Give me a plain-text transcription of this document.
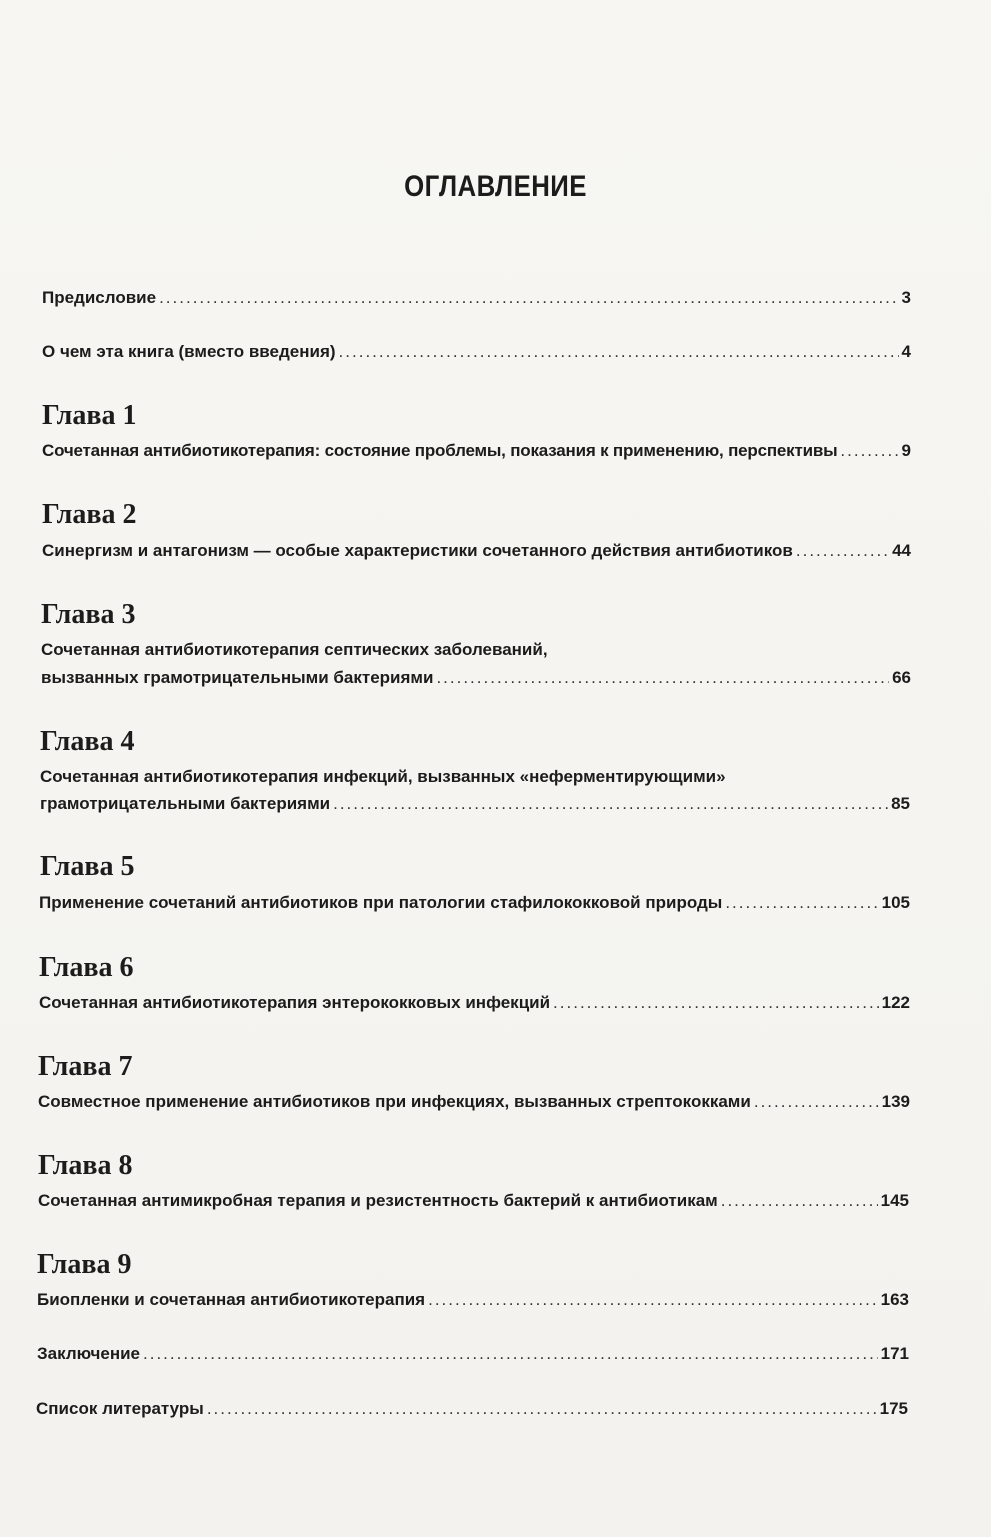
ОГЛАВЛЕНИЕ
Предисловие .....	3
О чем эта книга (вместо введения) .....	4
Глава 1
Сочетанная антибиотикотерапия: состояние проблемы, показания к применению, перспективы .....	9
Глава 2
Синергизм и антагонизм — особые характеристики сочетанного действия антибиотиков .....	44
Глава 3
Сочетанная антибиотикотерапия септических заболеваний,
вызванных грамотрицательными бактериями .....	66
Глава 4
Сочетанная антибиотикотерапия инфекций, вызванных «неферментирующими»
грамотрицательными бактериями .....	85
Глава 5
Применение сочетаний антибиотиков при патологии стафилококковой природы .....	105
Глава 6
Сочетанная антибиотикотерапия энтерококковых инфекций .....	122
Глава 7
Совместное применение антибиотиков при инфекциях, вызванных стрептококками .....	139
Глава 8
Сочетанная антимикробная терапия и резистентность бактерий к антибиотикам .....	145
Глава 9
Биопленки и сочетанная антибиотикотерапия .....	163
Заключение .....	171
Список литературы .....	175
